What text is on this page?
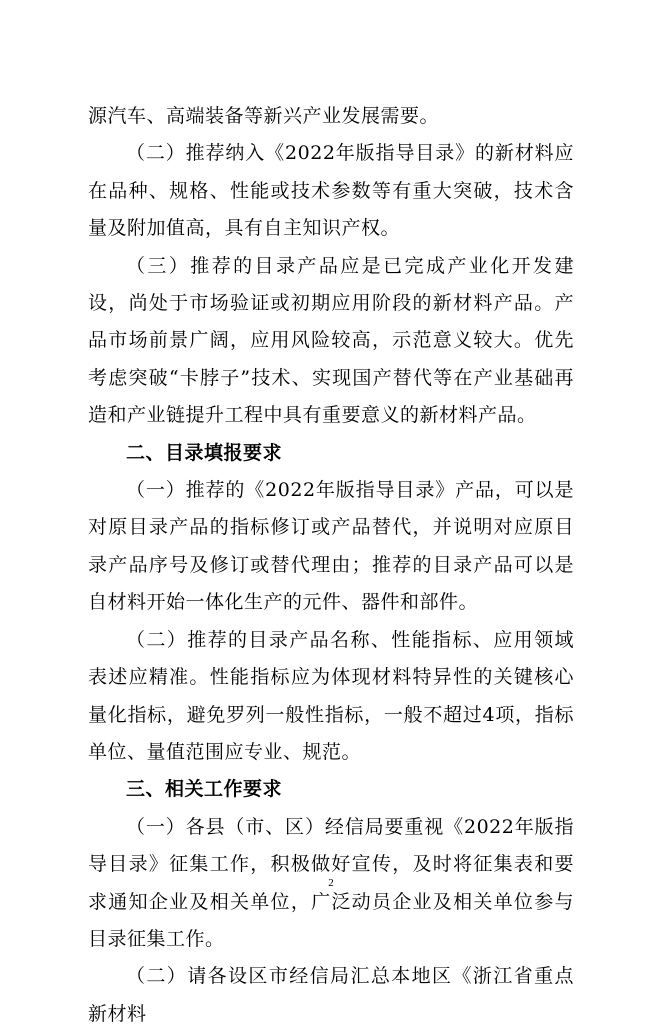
源汽车、高端装备等新兴产业发展需要。

（二）推荐纳入《2022年版指导目录》的新材料应在品种、规格、性能或技术参数等有重大突破，技术含量及附加值高，具有自主知识产权。

（三）推荐的目录产品应是已完成产业化开发建设，尚处于市场验证或初期应用阶段的新材料产品。产品市场前景广阔，应用风险较高，示范意义较大。优先考虑突破“卡脖子”技术、实现国产替代等在产业基础再造和产业链提升工程中具有重要意义的新材料产品。

二、目录填报要求

（一）推荐的《2022年版指导目录》产品，可以是对原目录产品的指标修订或产品替代，并说明对应原目录产品序号及修订或替代理由；推荐的目录产品可以是自材料开始一体化生产的元件、器件和部件。

（二）推荐的目录产品名称、性能指标、应用领域表述应精准。性能指标应为体现材料特异性的关键核心量化指标，避免罗列一般性指标，一般不超过4项，指标单位、量值范围应专业、规范。

三、相关工作要求

（一）各县（市、区）经信局要重视《2022年版指导目录》征集工作，积极做好宣传，及时将征集表和要求通知企业及相关单位，广泛动员企业及相关单位参与目录征集工作。

（二）请各设区市经信局汇总本地区《浙江省重点新材料

2
